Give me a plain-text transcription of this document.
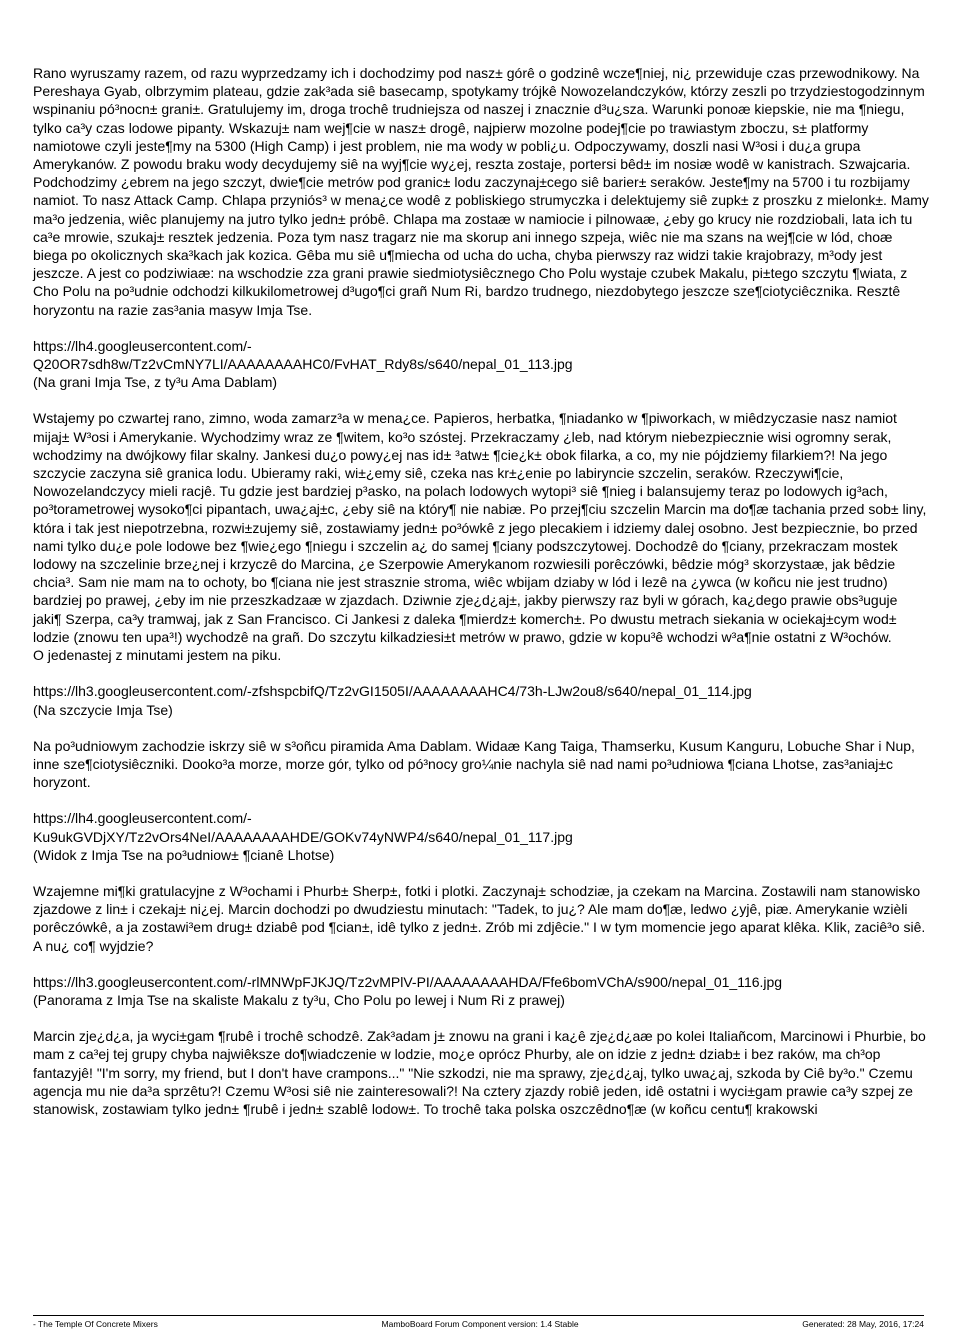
Rano wyruszamy razem, od razu wyprzedzamy ich i dochodzimy pod nasz± górê o godzinê wcze¶niej, ni¿ przewiduje czas przewodnikowy. Na Pereshaya Gyab, olbrzymim plateau, gdzie zak³ada siê basecamp, spotykamy trójkê Nowozelandczyków, którzy zeszli po trzydziestogodzinnym wspinaniu pó³nocn± grani±. Gratulujemy im, droga trochê trudniejsza od naszej i znacznie d³u¿sza. Warunki ponoæ kiepskie, nie ma ¶niegu, tylko ca³y czas lodowe pipanty. Wskazuj± nam wej¶cie w nasz± drogê, najpierw mozolne podej¶cie po trawiastym zboczu, s± platformy namiotowe czyli jeste¶my na 5300 (High Camp) i jest problem, nie ma wody w pobli¿u. Odpoczywamy, doszli nasi W³osi i du¿a grupa Amerykanów. Z powodu braku wody decydujemy siê na wyj¶cie wy¿ej, reszta zostaje, portersi bêd± im nosiæ wodê w kanistrach. Szwajcaria. Podchodzimy ¿ebrem na jego szczyt, dwie¶cie metrów pod granic± lodu zaczynaj±cego siê barier± seraków. Jeste¶my na 5700 i tu rozbijamy namiot. To nasz Attack Camp. Chlapa przyniós³ w mena¿ce wodê z pobliskiego strumyczka i delektujemy siê zupk± z proszku z mielonk±. Mamy ma³o jedzenia, wiêc planujemy na jutro tylko jedn± próbê. Chlapa ma zostaæ w namiocie i pilnowaæ, ¿eby go krucy nie rozdziobali, lata ich tu ca³e mrowie, szukaj± resztek jedzenia. Poza tym nasz tragarz nie ma skorup ani innego szpeja, wiêc nie ma szans na wej¶cie w lód, choæ biega po okolicznych ska³kach jak kozica. Gêba mu siê u¶miecha od ucha do ucha, chyba pierwszy raz widzi takie krajobrazy, m³ody jest jeszcze. A jest co podziwiaæ: na wschodzie zza grani prawie siedmiotysiêcznego Cho Polu wystaje czubek Makalu, pi±tego szczytu ¶wiata, z Cho Polu na po³udnie odchodzi kilkukilometrowej d³ugo¶ci grañ Num Ri, bardzo trudnego, niezdobytego jeszcze sze¶ciotyciêcznika. Resztê horyzontu na razie zas³ania masyw Imja Tse.

https://lh4.googleusercontent.com/-
Q20OR7sdh8w/Tz2vCmNY7LI/AAAAAAAAHC0/FvHAT_Rdy8s/s640/nepal_01_113.jpg
(Na grani Imja Tse, z ty³u Ama Dablam)
Wstajemy po czwartej rano, zimno, woda zamarz³a w mena¿ce. Papieros, herbatka, ¶niadanko w ¶piworkach, w miêdzyczasie nasz namiot mijaj± W³osi i Amerykanie. Wychodzimy wraz ze ¶witem, ko³o szóstej. Przekraczamy ¿leb, nad którym niebezpiecznie wisi ogromny serak, wchodzimy na dwójkowy filar skalny. Jankesi du¿o powy¿ej nas id± ³atw± ¶cie¿k± obok filarka, a co, my nie pójdziemy filarkiem?! Na jego szczycie zaczyna siê granica lodu. Ubieramy raki, wi±¿emy siê, czeka nas kr±¿enie po labiryncie szczelin, seraków. Rzeczywi¶cie, Nowozelandczycy mieli racjê. Tu gdzie jest bardziej p³asko, na polach lodowych wytopi³ siê ¶nieg i balansujemy teraz po lodowych ig³ach, po³torametrowej wysoko¶ci pipantach, uwa¿aj±c, ¿eby siê na który¶ nie nabiæ. Po przej¶ciu szczelin Marcin ma do¶æ tachania przed sob± liny, która i tak jest niepotrzebna, rozwi±zujemy siê, zostawiamy jedn± po³ówkê z jego plecakiem i idziemy dalej osobno. Jest bezpiecznie, bo przed nami tylko du¿e pole lodowe bez ¶wie¿ego ¶niegu i szczelin a¿ do samej ¶ciany podszczytowej. Dochodzê do ¶ciany, przekraczam mostek lodowy na szczelinie brze¿nej i krzyczê do Marcina, ¿e Szerpowie Amerykanom rozwiesili porêczówki, bêdzie móg³ skorzystaæ, jak bêdzie chcia³. Sam nie mam na to ochoty, bo ¶ciana nie jest strasznie stroma, wiêc wbijam dziaby w lód i lezê na ¿ywca (w koñcu nie jest trudno) bardziej po prawej, ¿eby im nie przeszkadzaæ w zjazdach. Dziwnie zje¿d¿aj±, jakby pierwszy raz byli w górach, ka¿dego prawie obs³uguje jaki¶ Szerpa, ca³y tramwaj, jak z San Francisco. Ci Jankesi z daleka ¶mierdz± komerch±. Po dwustu metrach siekania w ociekaj±cym wod± lodzie (znowu ten upa³!) wychodzê na grañ. Do szczytu kilkadziesi±t metrów w prawo, gdzie w kopu³ê wchodzi w³a¶nie ostatni z W³ochów.
O jedenastej z minutami jestem na piku.
https://lh3.googleusercontent.com/-zfshspcbifQ/Tz2vGI1505I/AAAAAAAAHC4/73h-LJw2ou8/s640/nepal_01_114.jpg
(Na szczycie Imja Tse)

Na po³udniowym zachodzie iskrzy siê w s³oñcu piramida Ama Dablam. Widaæ Kang Taiga, Thamserku, Kusum Kanguru, Lobuche Shar i Nup, inne sze¶ciotysiêczniki. Dooko³a morze, morze gór, tylko od pó³nocy gro¼nie nachyla siê nad nami po³udniowa ¶ciana Lhotse, zas³aniaj±c horyzont.

https://lh4.googleusercontent.com/-
Ku9ukGVDjXY/Tz2vOrs4NeI/AAAAAAAAHDE/GOKv74yNWP4/s640/nepal_01_117.jpg
(Widok z Imja Tse na po³udniow± ¶cianê Lhotse)

Wzajemne mi¶ki gratulacyjne z W³ochami i Phurb± Sherp±, fotki i plotki. Zaczynaj± schodziæ, ja czekam na Marcina. Zostawili nam stanowisko zjazdowe z lin± i czekaj± ni¿ej. Marcin dochodzi po dwudziestu minutach: "Tadek, to ju¿? Ale mam do¶æ, ledwo ¿yjê, piæ. Amerykanie wzièli porêczówkê, a ja zostawi³em drug± dziabê pod ¶cian±, idê tylko z jedn±. Zrób mi zdjêcie." I w tym momencie jego aparat klêka. Klik, zaciê³o siê. A nu¿ co¶ wyjdzie?

https://lh3.googleusercontent.com/-rlMNWpFJKJQ/Tz2vMPlV-PI/AAAAAAAAHDA/Ffe6bomVChA/s900/nepal_01_116.jpg
(Panorama z Imja Tse na skaliste Makalu z ty³u, Cho Polu po lewej i Num Ri z prawej)

Marcin zje¿d¿a, ja wyci±gam ¶rubê i trochê schodzê. Zak³adam j± znowu na grani i ka¿ê zje¿d¿aæ po kolei Italiañcom, Marcinowi i Phurbie, bo mam z ca³ej tej grupy chyba najwiêksze do¶wiadczenie w lodzie, mo¿e oprócz Phurby, ale on idzie z jedn± dziab± i bez raków, ma ch³op fantazyjê! "I'm sorry, my friend, but I don't have crampons..." "Nie szkodzi, nie ma sprawy, zje¿d¿aj, tylko uwa¿aj, szkoda by Ciê by³o." Czemu agencja mu nie da³a sprzêtu?! Czemu W³osi siê nie zainteresowali?! Na cztery zjazdy robiê jeden, idê ostatni i wyci±gam prawie ca³y szpej ze stanowisk, zostawiam tylko jedn± ¶rubê i jedn± szablê lodow±. To trochê taka polska oszczêdno¶æ (w koñcu centu¶ krakowski

- The Temple Of Concrete Mixers	MamboBoard Forum Component version: 1.4 Stable	Generated: 28 May, 2016, 17:24
